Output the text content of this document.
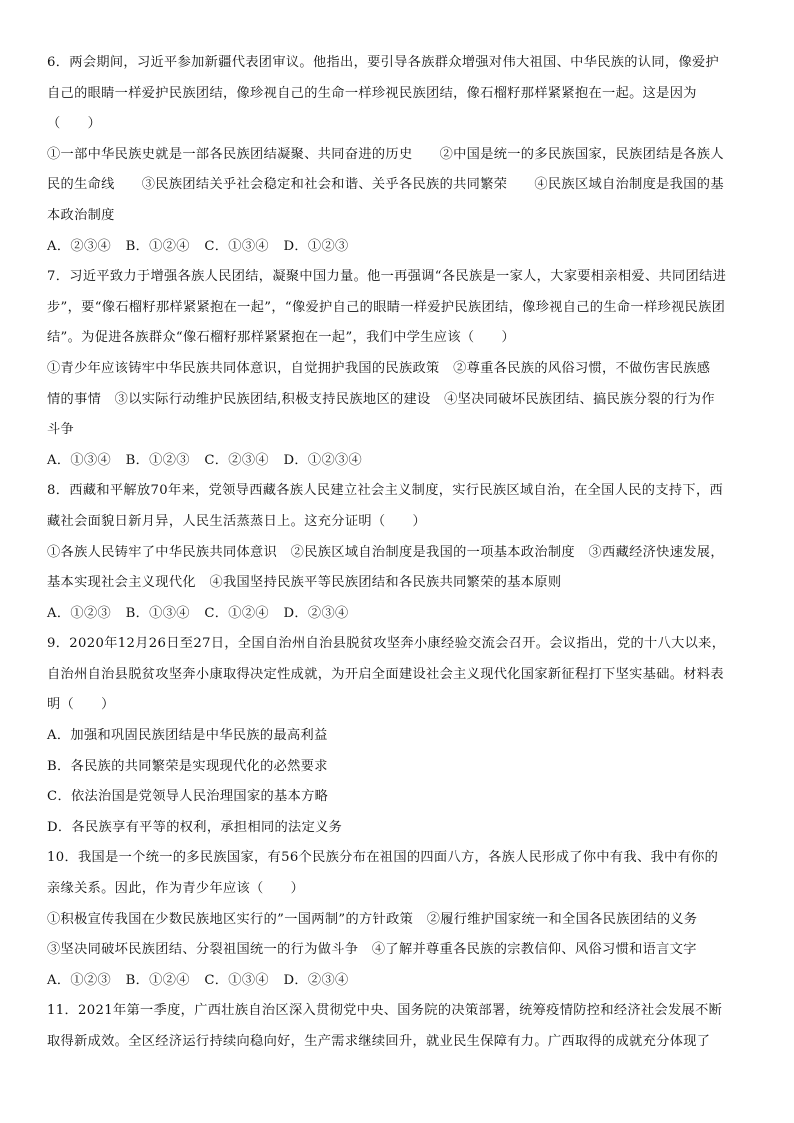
6．两会期间，习近平参加新疆代表团审议。他指出，要引导各族群众增强对伟大祖国、中华民族的认同，像爱护
自己的眼睛一样爱护民族团结，像珍视自己的生命一样珍视民族团结，像石榴籽那样紧紧抱在一起。这是因为
（　　）
①一部中华民族史就是一部各民族团结凝聚、共同奋进的历史　　②中国是统一的多民族国家，民族团结是各族人
民的生命线　　③民族团结关乎社会稳定和社会和谐、关乎各民族的共同繁荣　　④民族区域自治制度是我国的基
本政治制度
A．②③④ B．①②④ C．①③④ D．①②③
7．习近平致力于增强各族人民团结，凝聚中国力量。他一再强调“各民族是一家人，大家要相亲相爱、共同团结进
步”，要“像石榴籽那样紧紧抱在一起”，“像爱护自己的眼睛一样爱护民族团结，像珍视自己的生命一样珍视民族团
结”。为促进各族群众“像石榴籽那样紧紧抱在一起”，我们中学生应该（　　）
①青少年应该铸牢中华民族共同体意识，自觉拥护我国的民族政策　②尊重各民族的风俗习惯，不做伤害民族感
情的事情　③以实际行动维护民族团结,积极支持民族地区的建设　④坚决同破坏民族团结、搞民族分裂的行为作
斗争
A．①③④ B．①②③ C．②③④ D．①②③④
8．西藏和平解放70年来，党领导西藏各族人民建立社会主义制度，实行民族区域自治，在全国人民的支持下，西
藏社会面貌日新月异，人民生活蒸蒸日上。这充分证明（　　）
①各族人民铸牢了中华民族共同体意识　②民族区域自治制度是我国的一项基本政治制度　③西藏经济快速发展，
基本实现社会主义现代化　④我国坚持民族平等民族团结和各民族共同繁荣的基本原则
A．①②③ B．①③④ C．①②④ D．②③④
9．2020年12月26日至27日，全国自治州自治县脱贫攻坚奔小康经验交流会召开。会议指出，党的十八大以来，
自治州自治县脱贫攻坚奔小康取得决定性成就，为开启全面建设社会主义现代化国家新征程打下坚实基础。材料表
明（　　）
A．加强和巩固民族团结是中华民族的最高利益
B．各民族的共同繁荣是实现现代化的必然要求
C．依法治国是党领导人民治理国家的基本方略
D．各民族享有平等的权利，承担相同的法定义务
10．我国是一个统一的多民族国家，有56个民族分布在祖国的四面八方，各族人民形成了你中有我、我中有你的
亲缘关系。因此，作为青少年应该（　　）
①积极宣传我国在少数民族地区实行的”一国两制”的方针政策　②履行维护国家统一和全国各民族团结的义务
③坚决同破坏民族团结、分裂祖国统一的行为做斗争　④了解并尊重各民族的宗教信仰、风俗习惯和语言文字
A．①②③ B．①②④ C．①③④ D．②③④
11．2021年第一季度，广西壮族自治区深入贯彻党中央、国务院的决策部署，统筹疫情防控和经济社会发展不断
取得新成效。全区经济运行持续向稳向好，生产需求继续回升，就业民生保障有力。广西取得的成就充分体现了
